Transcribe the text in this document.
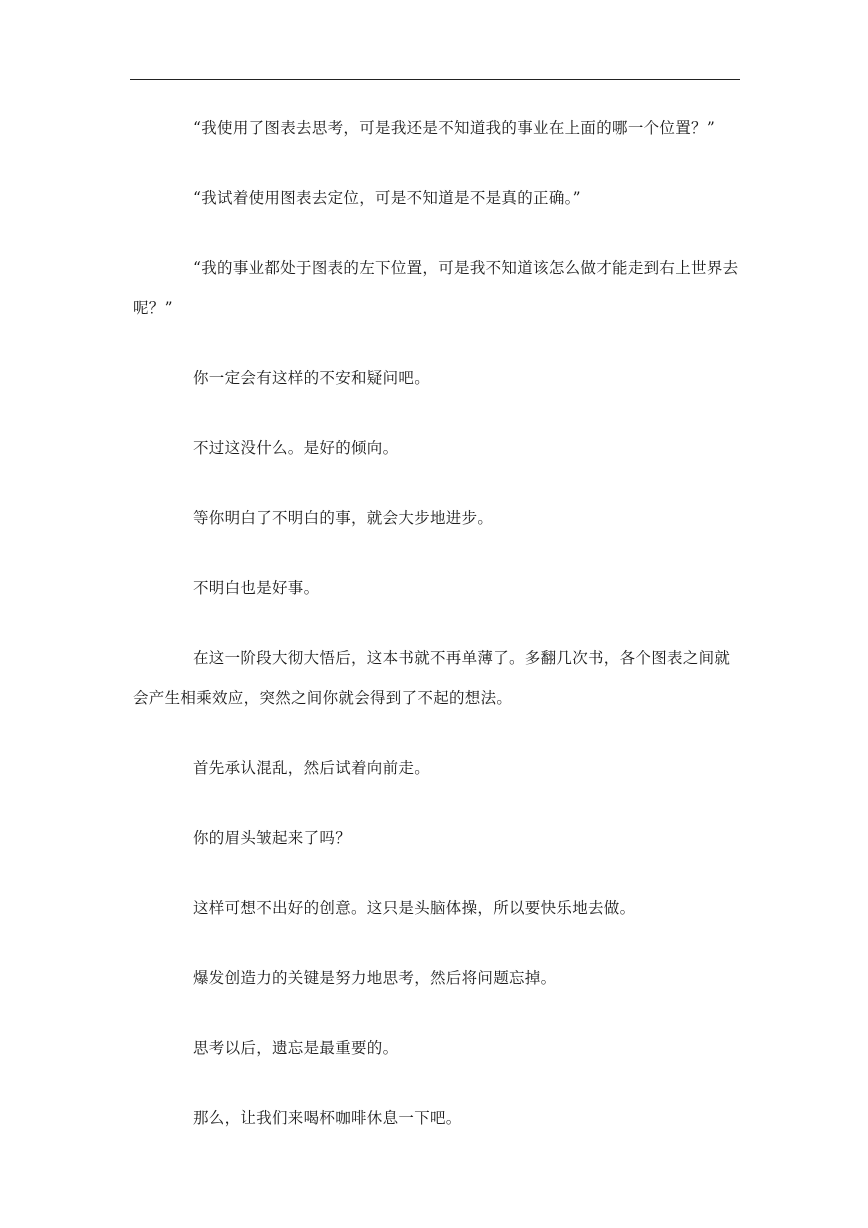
“我使用了图表去思考，可是我还是不知道我的事业在上面的哪一个位置？”

“我试着使用图表去定位，可是不知道是不是真的正确。”

“我的事业都处于图表的左下位置，可是我不知道该怎么做才能走到右上世界去呢？”

你一定会有这样的不安和疑问吧。

不过这没什么。是好的倾向。

等你明白了不明白的事，就会大步地进步。

不明白也是好事。

在这一阶段大彻大悟后，这本书就不再单薄了。多翻几次书，各个图表之间就会产生相乘效应，突然之间你就会得到了不起的想法。

首先承认混乱，然后试着向前走。

你的眉头皱起来了吗？

这样可想不出好的创意。这只是头脑体操，所以要快乐地去做。

爆发创造力的关键是努力地思考，然后将问题忘掉。

思考以后，遗忘是最重要的。

那么，让我们来喝杯咖啡休息一下吧。
